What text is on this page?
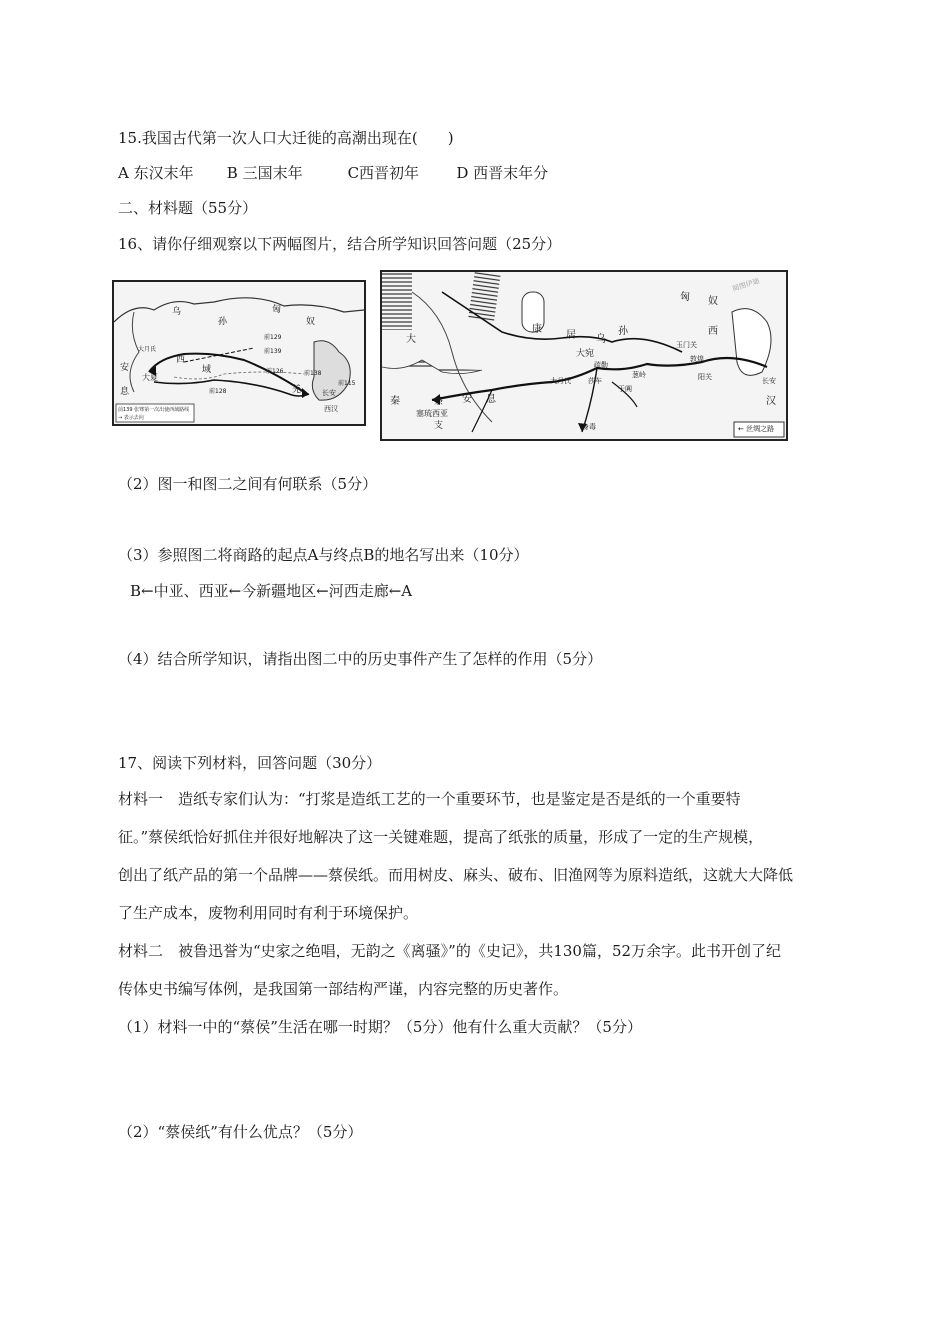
15.我国古代第一次人口大迁徙的高潮出现在(　　)
A 东汉末年 B 三国末年	C西晋初年 D 西晋末年分
二、材料题（55分）
16、请你仔细观察以下两幅图片，结合所学知识回答问题（25分）
乌
孙
匈
奴
安
息
大月氏
西
域
大夏
羌	长安
西汉
前129
前128
前126
前139
前115
前138
前139 张骞第一次出使西域路线
→ 表示去向
匈 奴
西
汉
长安
大
秦	安 息
康
居 乌
孙
大宛
大月氏
疏勒
于阗
身毒
莎车
玉门关
敦煌
阳关
塞琉西亚
条
支
葱岭
← 丝绸之路
阅图伊迪
（2）图一和图二之间有何联系（5分）
（3）参照图二将商路的起点A与终点B的地名写出来（10分）
B←中亚、西亚←今新疆地区←河西走廊←A
（4）结合所学知识，请指出图二中的历史事件产生了怎样的作用（5分）
17、阅读下列材料，回答问题（30分）
材料一　造纸专家们认为：“打浆是造纸工艺的一个重要环节，也是鉴定是否是纸的一个重要特
征。”蔡侯纸恰好抓住并很好地解决了这一关键难题，提高了纸张的质量，形成了一定的生产规模，
创出了纸产品的第一个品牌——蔡侯纸。而用树皮、麻头、破布、旧渔网等为原料造纸，这就大大降低
了生产成本，废物利用同时有利于环境保护。
材料二　被鲁迅誉为“史家之绝唱，无韵之《离骚》”的《史记》，共130篇，52万余字。此书开创了纪
传体史书编写体例，是我国第一部结构严谨，内容完整的历史著作。
（1）材料一中的“蔡侯”生活在哪一时期？（5分）他有什么重大贡献？（5分）
（2）“蔡侯纸”有什么优点？（5分）
